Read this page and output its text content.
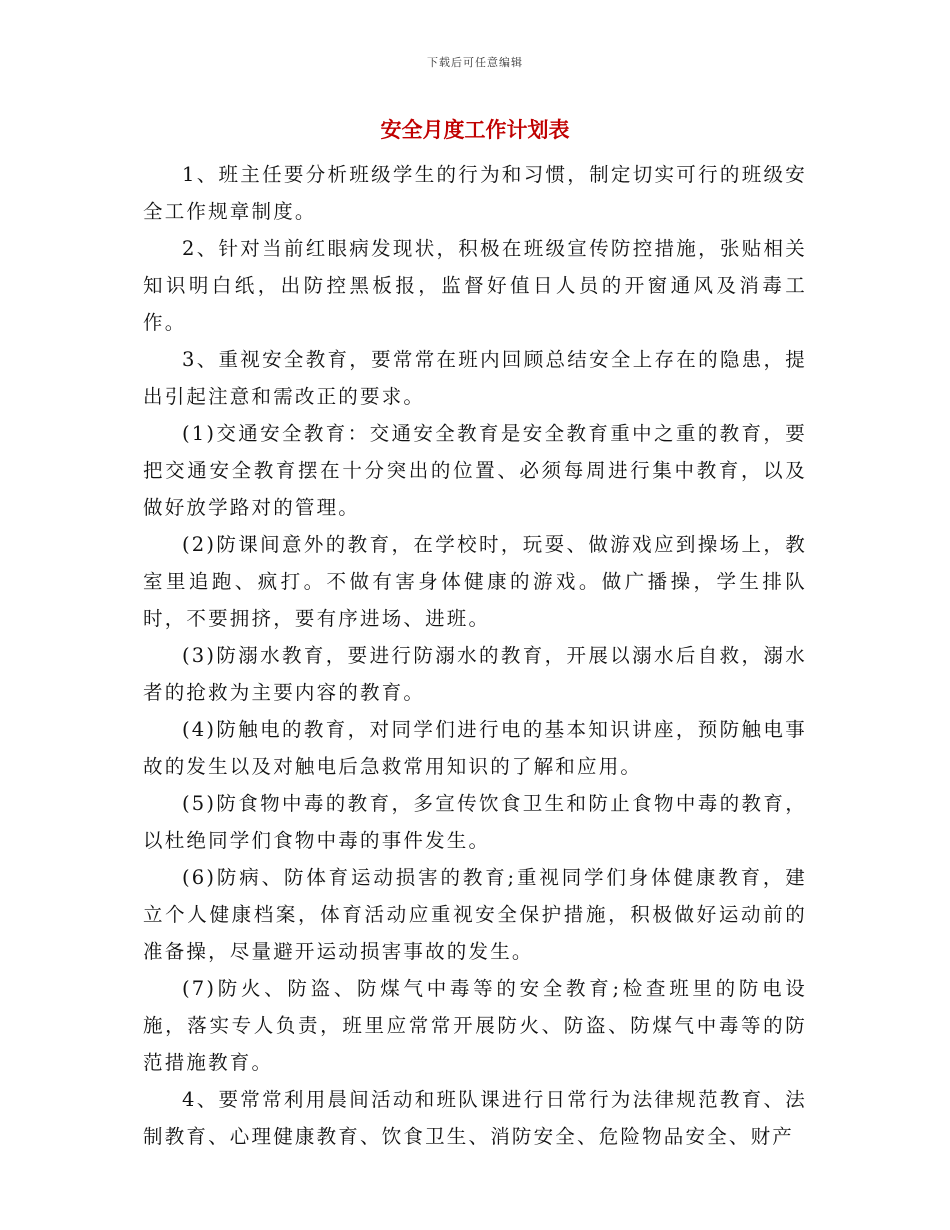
下载后可任意编辑
安全月度工作计划表

1、班主任要分析班级学生的行为和习惯，制定切实可行的班级安全工作规章制度。

2、针对当前红眼病发现状，积极在班级宣传防控措施，张贴相关知识明白纸，出防控黑板报，监督好值日人员的开窗通风及消毒工作。

3、重视安全教育，要常常在班内回顾总结安全上存在的隐患，提出引起注意和需改正的要求。

(1)交通安全教育：交通安全教育是安全教育重中之重的教育，要把交通安全教育摆在十分突出的位置、必须每周进行集中教育，以及做好放学路对的管理。

(2)防课间意外的教育，在学校时，玩耍、做游戏应到操场上，教室里追跑、疯打。不做有害身体健康的游戏。做广播操，学生排队时，不要拥挤，要有序进场、进班。

(3)防溺水教育，要进行防溺水的教育，开展以溺水后自救，溺水者的抢救为主要内容的教育。

(4)防触电的教育，对同学们进行电的基本知识讲座，预防触电事故的发生以及对触电后急救常用知识的了解和应用。

(5)防食物中毒的教育，多宣传饮食卫生和防止食物中毒的教育，以杜绝同学们食物中毒的事件发生。

(6)防病、防体育运动损害的教育;重视同学们身体健康教育，建立个人健康档案，体育活动应重视安全保护措施，积极做好运动前的准备操，尽量避开运动损害事故的发生。

(7)防火、防盗、防煤气中毒等的安全教育;检查班里的防电设施，落实专人负责，班里应常常开展防火、防盗、防煤气中毒等的防范措施教育。

4、要常常利用晨间活动和班队课进行日常行为法律规范教育、法制教育、心理健康教育、饮食卫生、消防安全、危险物品安全、财产
